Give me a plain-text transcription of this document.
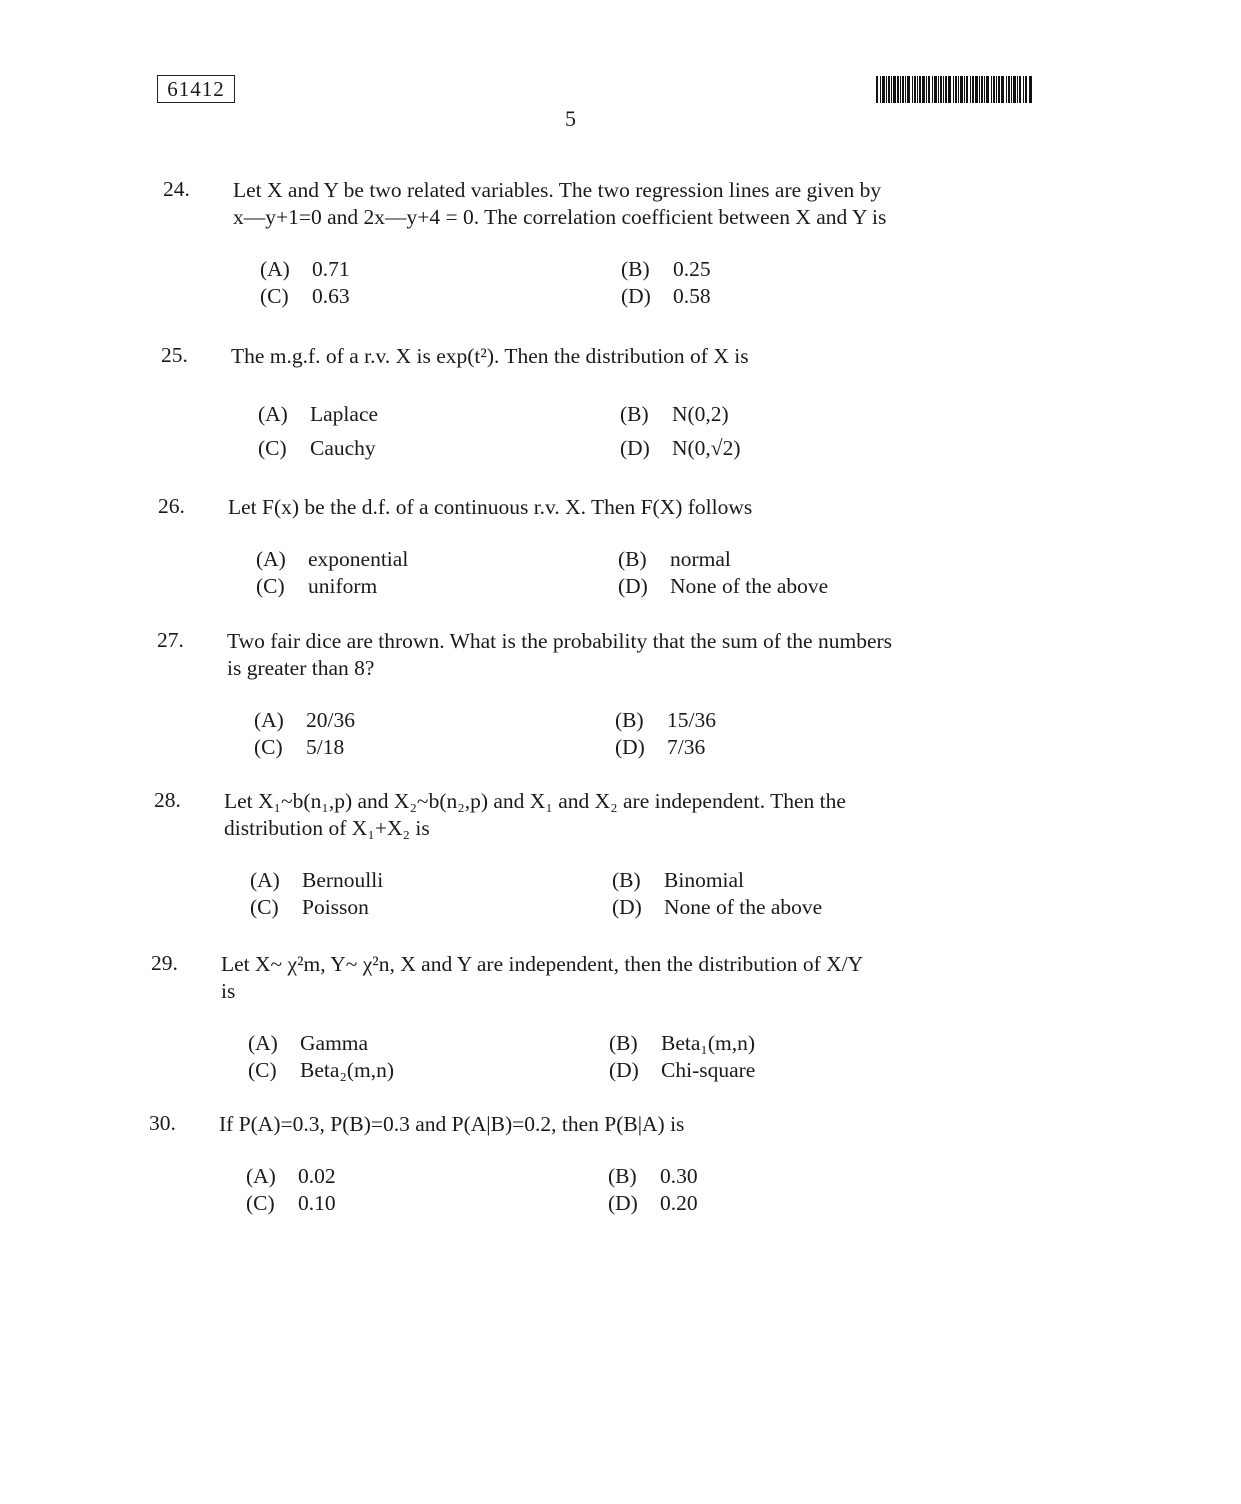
61412
5
24. Let X and Y be two related variables. The two regression lines are given by
x—y+1=0 and 2x—y+4 = 0. The correlation coefficient between X and Y is
(A) 0.71	(B) 0.25
(C) 0.63	(D) 0.58
25. The m.g.f. of a r.v. X is exp(t²). Then the distribution of X is
(A) Laplace	(B) N(0,2)
(C) Cauchy	(D) N(0,√2)
26. Let F(x) be the d.f. of a continuous r.v. X. Then F(X) follows
(A) exponential	(B) normal
(C) uniform	(D) None of the above
27. Two fair dice are thrown. What is the probability that the sum of the numbers
is greater than 8?
(A) 20/36	(B) 15/36
(C) 5/18	(D) 7/36
28. Let X₁~b(n₁,p) and X₂~b(n₂,p) and X₁ and X₂ are independent. Then the
distribution of X₁+X₂ is
(A) Bernoulli	(B) Binomial
(C) Poisson	(D) None of the above
29. Let X~ χ²m, Y~ χ²n, X and Y are independent, then the distribution of X/Y
is
(A) Gamma	(B) Beta₁(m,n)
(C) Beta₂(m,n)	(D) Chi-square
30. If P(A)=0.3, P(B)=0.3 and P(A|B)=0.2, then P(B|A) is
(A) 0.02	(B) 0.30
(C) 0.10	(D) 0.20
